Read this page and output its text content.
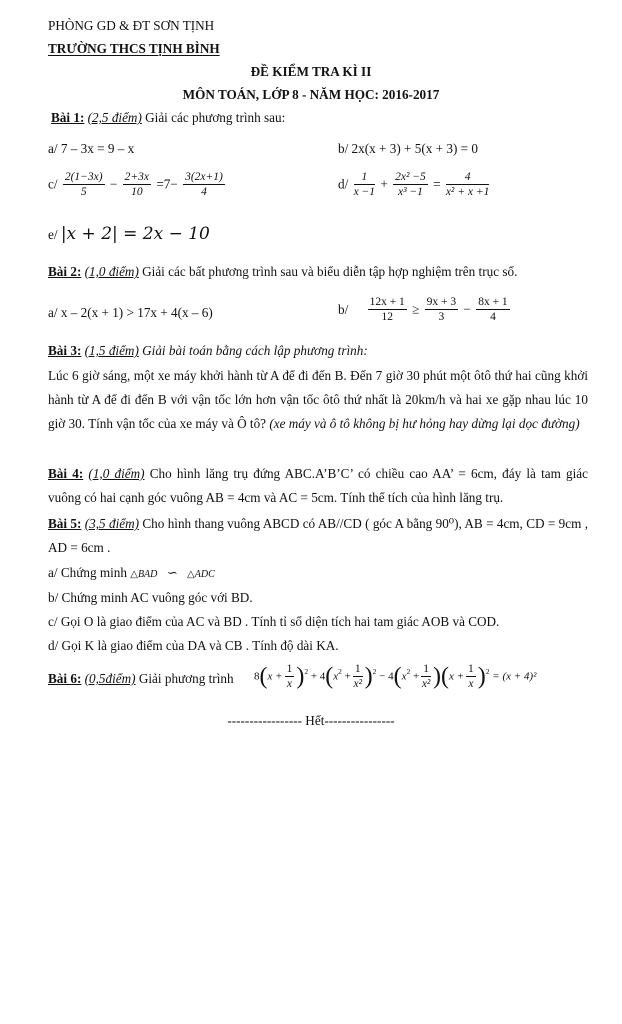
PHÒNG GD & ĐT SƠN TỊNH
TRƯỜNG THCS TỊNH BÌNH
ĐỀ KIỂM TRA KÌ II
MÔN TOÁN, LỚP 8 - NĂM HỌC: 2016-2017
Bài 1: (2,5 điểm) Giải các phương trình sau:
a/ 7 – 3x = 9 – x	b/ 2x(x + 3) + 5(x + 3) = 0
$c/ \frac{2(1-3x)}{5} - \frac{2+3x}{10} =7- \frac{3(2x+1)}{4}$	$d/ \frac{1}{x -1} + \frac{\text{2x² −5}}{\text{x³ −1}} = \frac{4}{\text{x² + x +1}}$
e/ |x + 2| = 2x − 10
Bài 2: (1,0 điểm) Giải các bất phương trình sau và biểu diễn tập hợp nghiệm trên trục số.
a/ x – 2(x + 1) > 17x + 4(x – 6)	$b/ \frac{12x + 1}{12} \ge \frac{9x + 3}{3} - \frac{8x + 1}{4}$
Bài 3: (1,5 điểm) Giải bài toán bằng cách lập phương trình:
Lúc 6 giờ sáng, một xe máy khởi hành từ A để đi đến B. Đến 7 giờ 30 phút một ôtô thứ hai cũng khởi hành từ A để đi đến B với vận tốc lớn hơn vận tốc ôtô thứ nhất là 20km/h và hai xe gặp nhau lúc 10 giờ 30. Tính vận tốc của xe máy và Ô tô? (xe máy và ô tô không bị hư hỏng hay dừng lại dọc đường)
Bài 4: (1,0 điểm) Cho hình lăng trụ đứng ABC.A’B’C’ có chiều cao AA’ = 6cm, đáy là tam giác vuông có hai cạnh góc vuông AB = 4cm và AC = 5cm. Tính thể tích của hình lăng trụ.
Bài 5: (3,5 điểm) Cho hình thang vuông ABCD có AB//CD ( góc A bằng 90⁰), AB = 4cm, CD = 9cm , AD = 6cm .
a/ Chứng minh △BAD ∽ △ADC
b/ Chứng minh AC vuông góc với BD.
c/ Gọi O là giao điểm của AC và BD . Tính tỉ số diện tích hai tam giác AOB và COD.
d/ Gọi K là giao điểm của DA và CB . Tính độ dài KA.
Bài 6: (0,5điểm) Giải phương trình $8(x + \frac{1}{x} )^2 + 4(x^2 + \frac{1}{\text{x²}} )^2 - 4(x^2 + \frac{1}{\text{x²}} )(x + \frac{1}{x} )^2 = (x + 4)^2$
----------------- Hết----------------
